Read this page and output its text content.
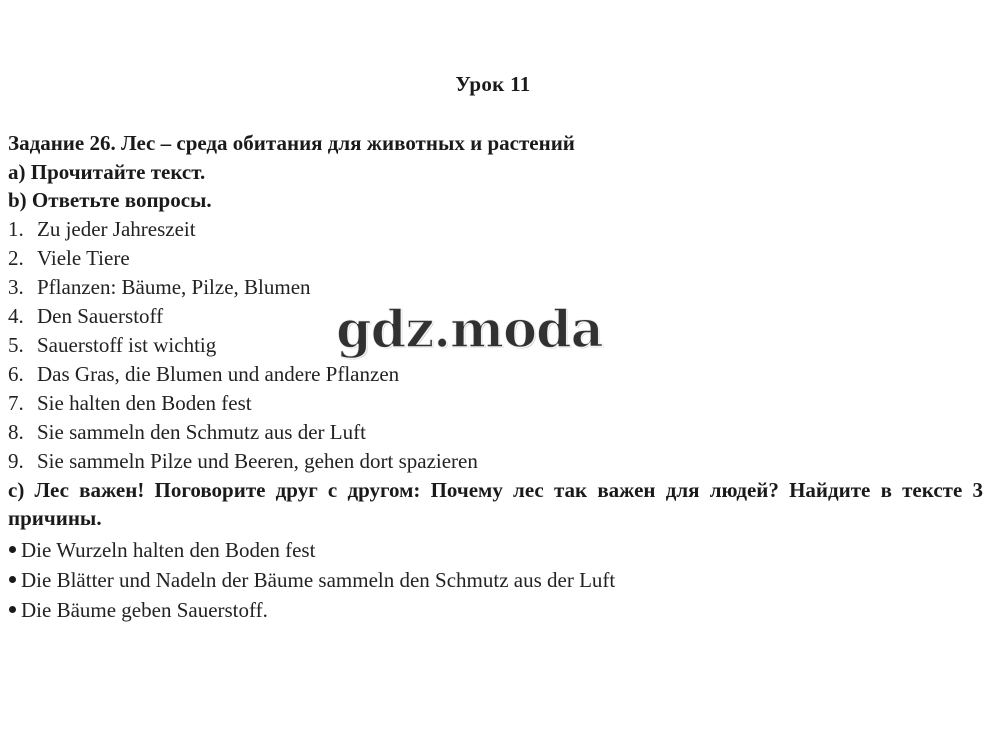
Урок 11
Задание 26. Лес – среда обитания для животных и растений
a) Прочитайте текст.
b) Ответьте вопросы.
1. Zu jeder Jahreszeit
2. Viele Tiere
3. Pflanzen: Bäume, Pilze, Blumen
4. Den Sauerstoff
5. Sauerstoff ist wichtig
6. Das Gras, die Blumen und andere Pflanzen
7. Sie halten den Boden fest
8. Sie sammeln den Schmutz aus der Luft
9. Sie sammeln Pilze und Beeren, gehen dort spazieren
c) Лес важен! Поговорите друг с другом: Почему лес так важен для людей? Найдите в тексте 3 причины.
Die Wurzeln halten den Boden fest
Die Blätter und Nadeln der Bäume sammeln den Schmutz aus der Luft
Die Bäume geben Sauerstoff.
gdz.moda
